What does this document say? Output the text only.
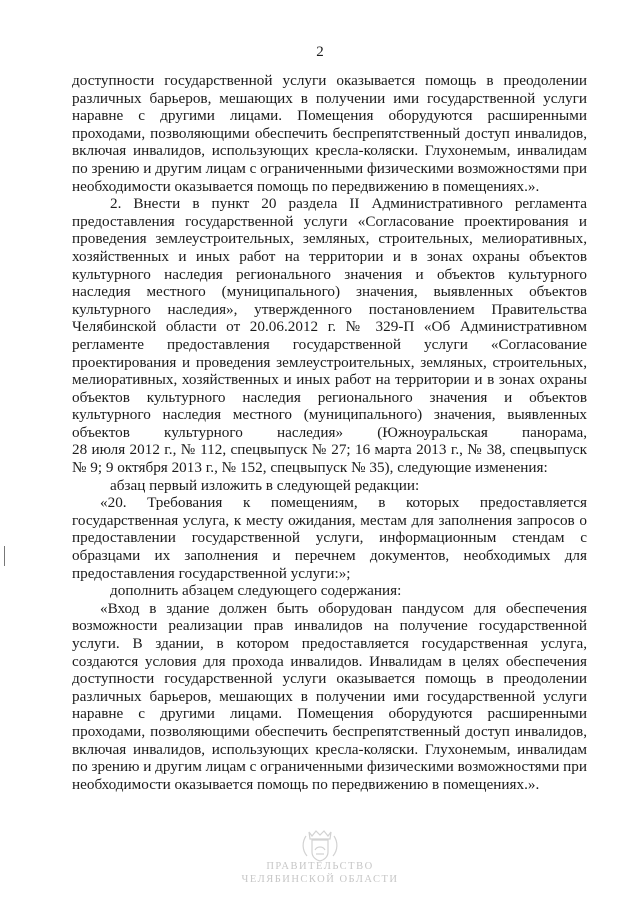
2
доступности государственной услуги оказывается помощь в преодолении
различных барьеров, мешающих в получении ими государственной услуги
наравне с другими лицами. Помещения оборудуются расширенными
проходами, позволяющими обеспечить беспрепятственный доступ инвалидов,
включая инвалидов, использующих кресла-коляски. Глухонемым, инвалидам
по зрению и другим лицам с ограниченными физическими возможностями при
необходимости оказывается помощь по передвижению в помещениях.».
2. Внести в пункт 20 раздела II Административного регламента
предоставления государственной услуги «Согласование проектирования и
проведения землеустроительных, земляных, строительных, мелиоративных,
хозяйственных и иных работ на территории и в зонах охраны объектов
культурного наследия регионального значения и объектов культурного
наследия местного (муниципального) значения, выявленных объектов
культурного наследия», утвержденного постановлением Правительства
Челябинской области от 20.06.2012 г. № 329-П «Об Административном
регламенте предоставления государственной услуги «Согласование
проектирования и проведения землеустроительных, земляных, строительных,
мелиоративных, хозяйственных и иных работ на территории и в зонах охраны
объектов культурного наследия регионального значения и объектов
культурного наследия местного (муниципального) значения, выявленных
объектов культурного наследия» (Южноуральская панорама,
28 июля 2012 г., № 112, спецвыпуск № 27; 16 марта 2013 г., № 38, спецвыпуск
№ 9; 9 октября 2013 г., № 152, спецвыпуск № 35), следующие изменения:
абзац первый изложить в следующей редакции:
«20. Требования к помещениям, в которых предоставляется
государственная услуга, к месту ожидания, местам для заполнения запросов о
предоставлении государственной услуги, информационным стендам с
образцами их заполнения и перечнем документов, необходимых для
предоставления государственной услуги:»;
дополнить абзацем следующего содержания:
«Вход в здание должен быть оборудован пандусом для обеспечения
возможности реализации прав инвалидов на получение государственной
услуги. В здании, в котором предоставляется государственная услуга,
создаются условия для прохода инвалидов. Инвалидам в целях обеспечения
доступности государственной услуги оказывается помощь в преодолении
различных барьеров, мешающих в получении ими государственной услуги
наравне с другими лицами. Помещения оборудуются расширенными
проходами, позволяющими обеспечить беспрепятственный доступ инвалидов,
включая инвалидов, использующих кресла-коляски. Глухонемым, инвалидам
по зрению и другим лицам с ограниченными физическими возможностями при
необходимости оказывается помощь по передвижению в помещениях.».
ПРАВИТЕЛЬСТВО
ЧЕЛЯБИНСКОЙ ОБЛАСТИ
